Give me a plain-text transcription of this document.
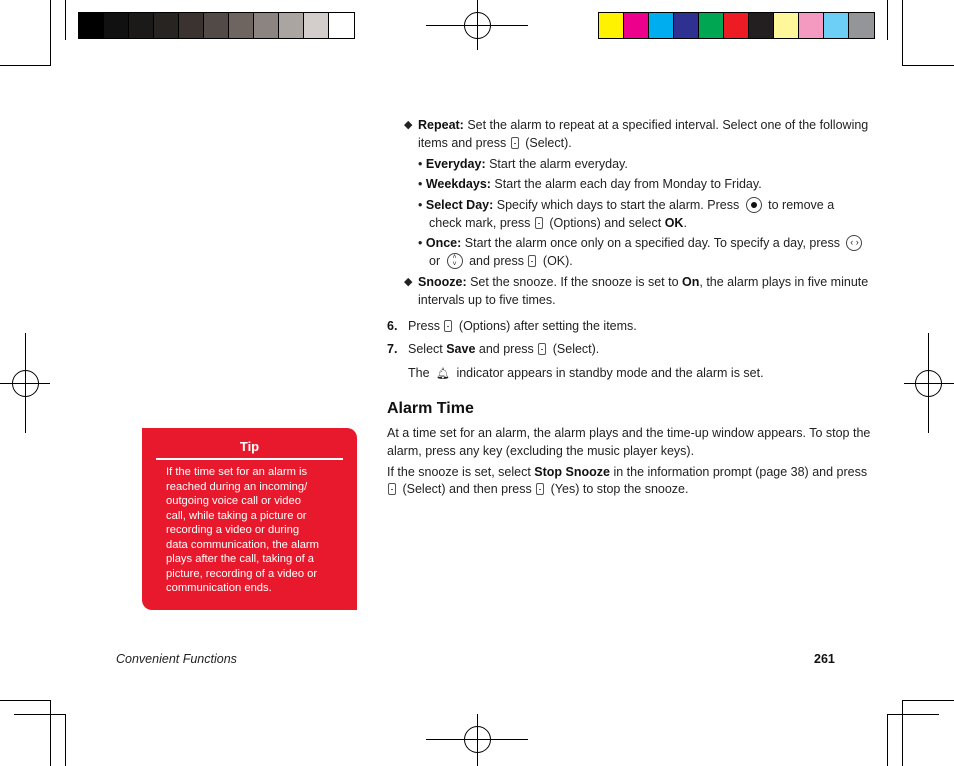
◆ Repeat: Set the alarm to repeat at a specified interval. Select one of the following
items and press  (Select).
• Everyday: Start the alarm everyday.
• Weekdays: Start the alarm each day from Monday to Friday.
• Select Day: Specify which days to start the alarm. Press  to remove a
check mark, press  (Options) and select OK.
• Once: Start the alarm once only on a specified day. To specify a day, press ‹ ›
or ˄ ˅ and press  (OK).
◆ Snooze: Set the snooze. If the snooze is set to On, the alarm plays in five minute
intervals up to five times.
6. Press  (Options) after setting the items.
7. Select Save and press  (Select).
The 🔔︎ indicator appears in standby mode and the alarm is set.
Alarm Time
At a time set for an alarm, the alarm plays and the time-up window appears. To stop the
alarm, press any key (excluding the music player keys).
If the snooze is set, select Stop Snooze in the information prompt (page 38) and press
(Select) and then press  (Yes) to stop the snooze.
Tip
If the time set for an alarm is
reached during an incoming/
outgoing voice call or video
call, while taking a picture or
recording a video or during
data communication, the alarm
plays after the call, taking of a
picture, recording of a video or
communication ends.
Convenient Functions	261
